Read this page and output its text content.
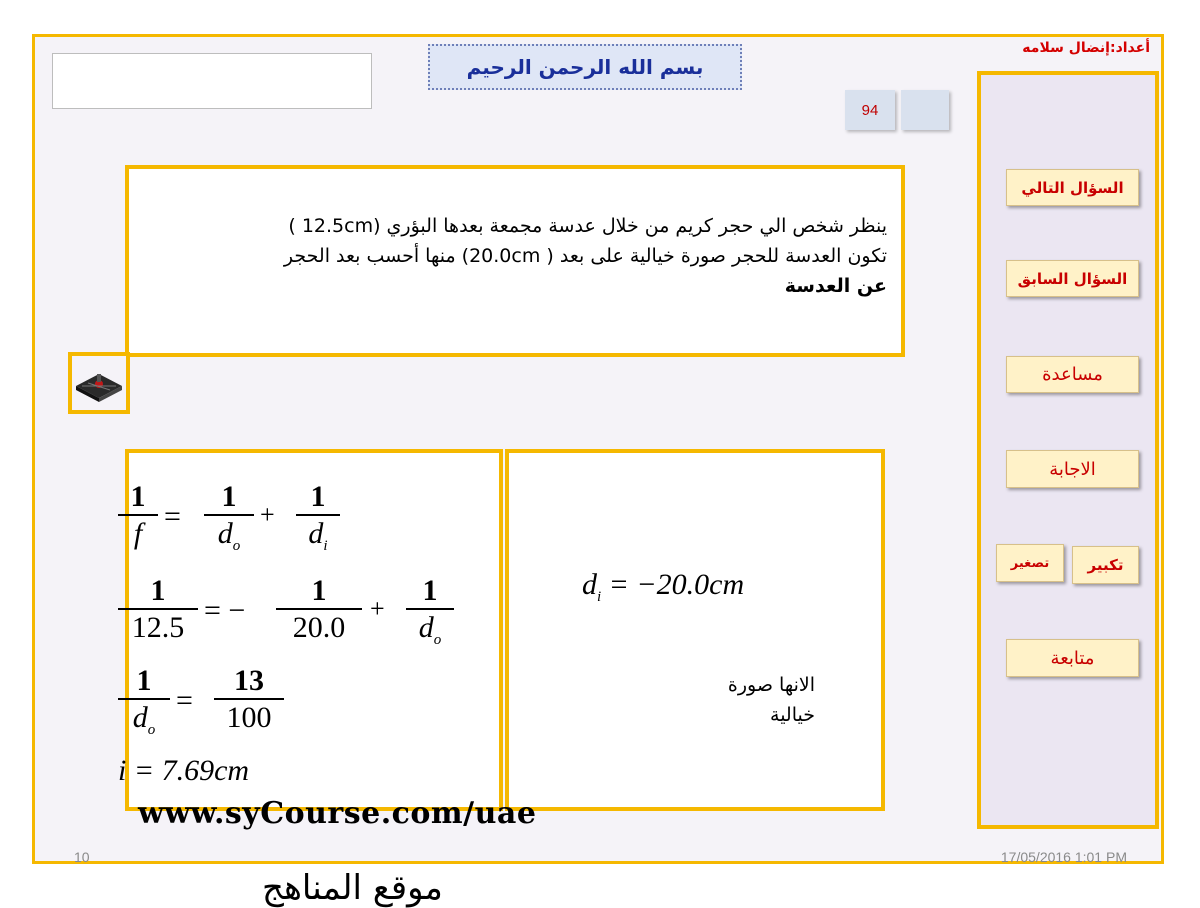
أعداد:إنضال سلامه
بسم الله الرحمن الرحيم
94
ينظر شخص الي حجر كريم من خلال عدسة مجمعة بعدها البؤري (12.5cm )
تكون العدسة للحجر صورة خيالية على بعد ( 20.0cm) منها أحسب بعد الحجر
عن العدسة
1
f
=
1
$d_o$
+
1
$d_i$
1
12.5
= −
1
20.0
+
1
$d_o$
1
$d_o$
=
13
100
i = 7.69cm
$d_i = -20.0cm$
الانها صورة
خيالية
السؤال التالي
السؤال السابق
مساعدة
الاجابة
تكبير
تصغير
متابعة
www.syCourse.com/uae
10	17/05/2016 1:01 PM
موقع المناهج
